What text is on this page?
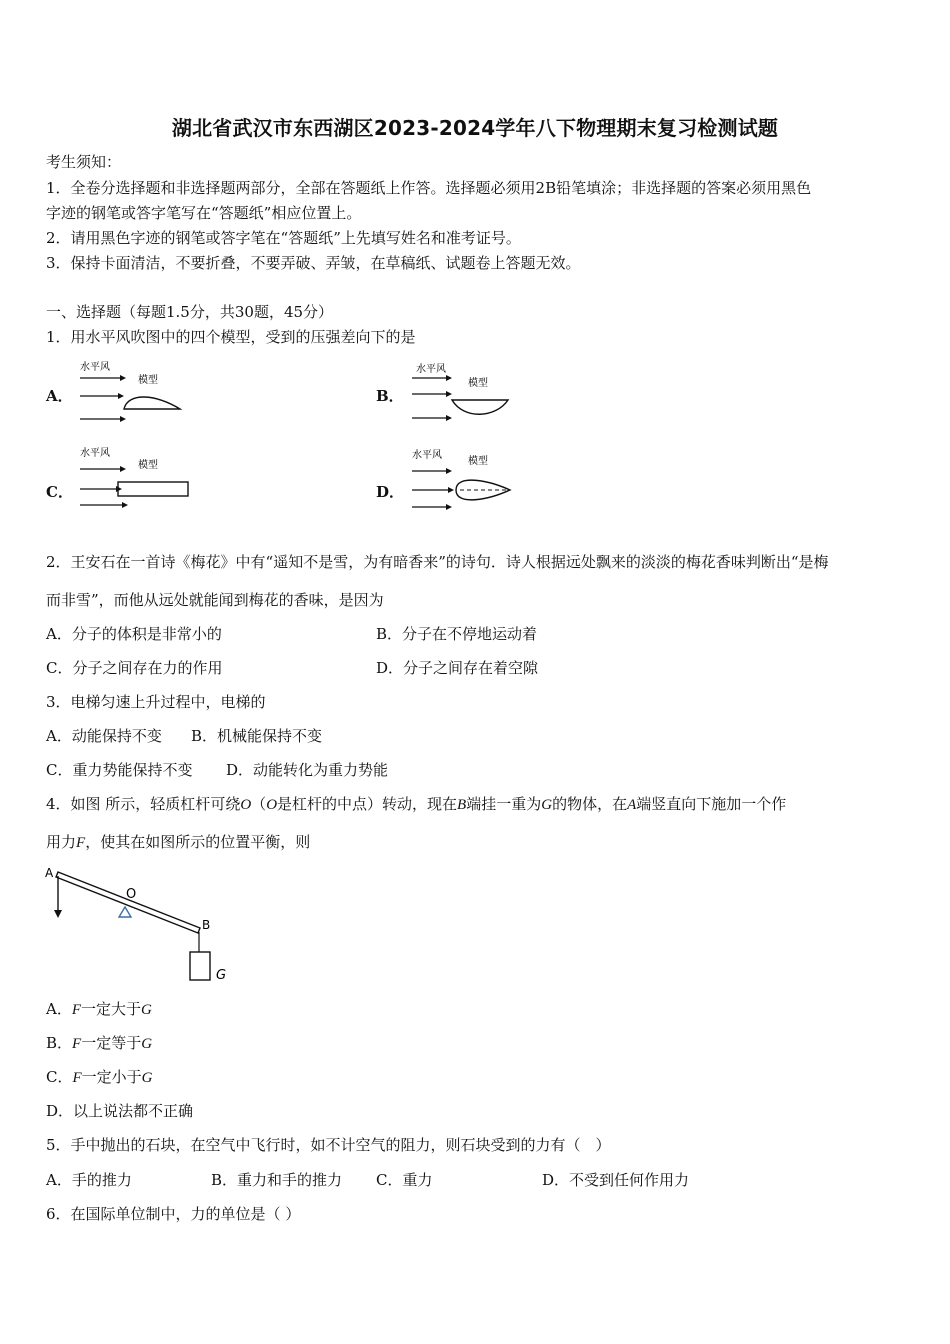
湖北省武汉市东西湖区2023-2024学年八下物理期末复习检测试题
考生须知：
1．全卷分选择题和非选择题两部分，全部在答题纸上作答。选择题必须用2B铅笔填涂；非选择题的答案必须用黑色
字迹的钢笔或答字笔写在“答题纸”相应位置上。
2．请用黑色字迹的钢笔或答字笔在“答题纸”上先填写姓名和准考证号。
3．保持卡面清洁，不要折叠，不要弄破、弄皱，在草稿纸、试题卷上答题无效。
一、选择题（每题1.5分，共30题，45分）
1．用水平风吹图中的四个模型，受到的压强差向下的是
A．	B．
C．	D．
水平风
模型
水平风
模型
水平风
模型
水平风
模型
2．王安石在一首诗《梅花》中有“遥知不是雪，为有暗香来”的诗句．诗人根据远处飘来的淡淡的梅花香味判断出“是梅
而非雪”，而他从远处就能闻到梅花的香味，是因为
A．分子的体积是非常小的	B．分子在不停地运动着
C．分子之间存在力的作用	D．分子之间存在着空隙
3．电梯匀速上升过程中，电梯的
A．动能保持不变 B．机械能保持不变
C．重力势能保持不变 D．动能转化为重力势能
4．如图 所示，轻质杠杆可绕O（O是杠杆的中点）转动，现在B端挂一重为G的物体，在A端竖直向下施加一个作
用力F，使其在如图所示的位置平衡，则
A
O
B
G
A．F一定大于G
B．F一定等于G
C．F一定小于G
D．以上说法都不正确
5．手中抛出的石块，在空气中飞行时，如不计空气的阻力，则石块受到的力有（　）
A．手的推力	B．重力和手的推力 C．重力	D．不受到任何作用力
6．在国际单位制中，力的单位是（ ）
